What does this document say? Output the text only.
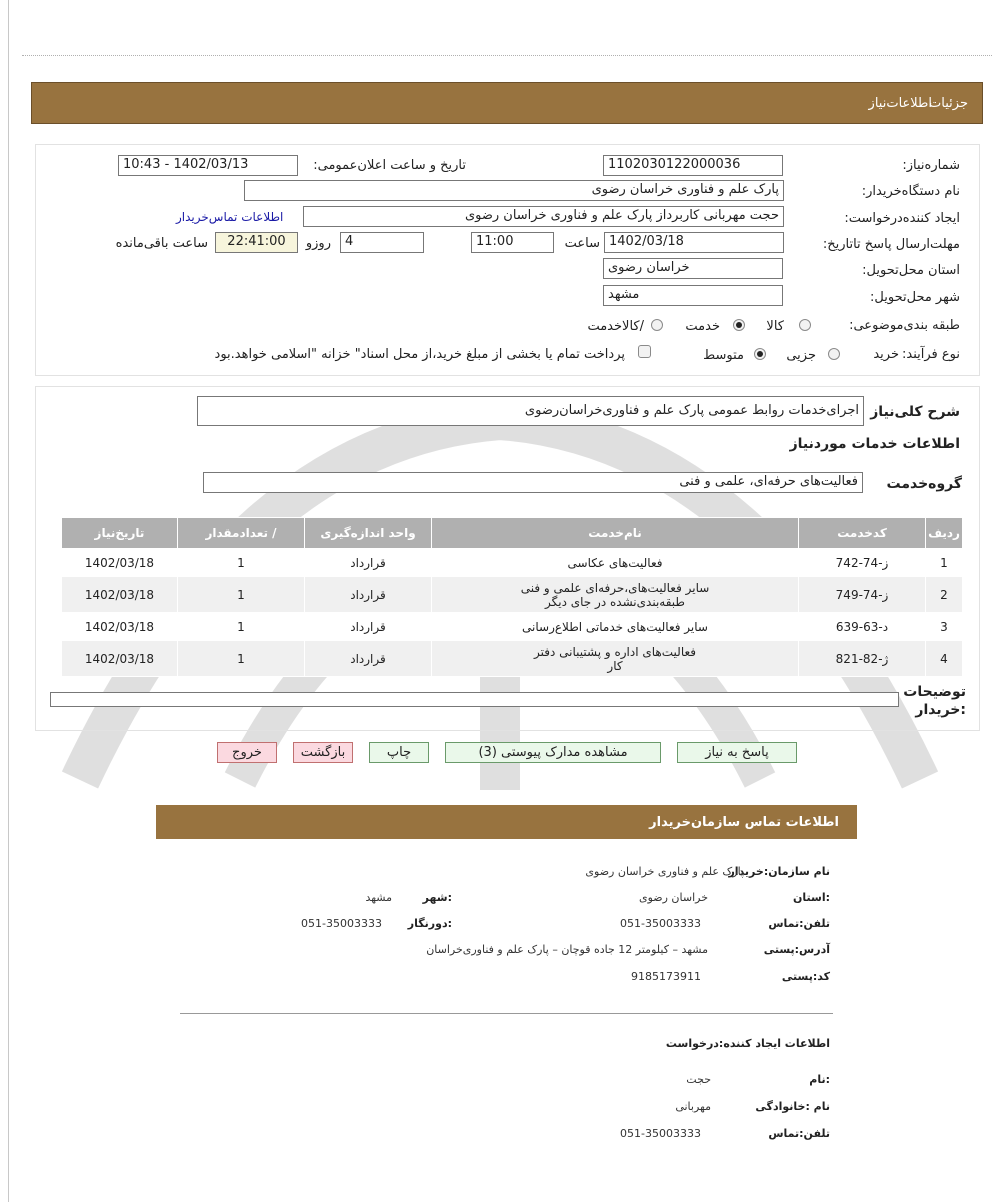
اطلاعات‌نیاز
جزئیات
شماره‌نیاز:
1102030122000036
تاریخ و ساعت اعلان‌عمومی:
1402/03/13 - 10:43
نام دستگاه‌خریدار:
پارک علم و فناوری خراسان رضوی
ایجاد کننده‌درخواست:
حجت مهربانی کاربرداز پارک علم و فناوری خراسان رضوی
اطلاعات تماس‌خریدار
مهلت‌ارسال پاسخ تا‌تاریخ:
1402/03/18
ساعت
11:00
4
روزو
22:41:00
ساعت باقی‌مانده
استان محل‌تحویل:
خراسان رضوی
شهر محل‌تحویل:
مشهد
طبقه بندی‌موضوعی:
کالا
خدمت
/کالاخدمت
نوع فرآیند:
خرید
جزیی
متوسط
پرداخت تمام یا بخشی از مبلغ خرید،از محل اسناد" خزانه "اسلامی خواهد.بود
شرح کلی‌نیاز
اجرای‌خدمات روابط عمومی پارک علم و فناوری‌خراسان‌رضوی
اطلاعات خدمات موردنیاز
گروه‌خدمت
فعالیت‌های حرفه‌ای، علمی و فنی
ردیف	کدخدمت	نام‌خدمت	واحد اندازه‌گیری	/ تعدادمقدار	تاریخ‌نیاز
1	ز-74-742	فعالیت‌های عکاسی	قرارداد	1	1402/03/18
2	ز-74-749	سایر فعالیت‌های،حرفه‌ای علمی و فنی
طبقه‌بندی‌نشده در جای دیگر	قرارداد	1	1402/03/18
3	د-63-639	سایر فعالیت‌های خدماتی اطلاع‌رسانی	قرارداد	1	1402/03/18
4	ژ-82-821	فعالیت‌های اداره و پشتیبانی دفتر
کار	قرارداد	1	1402/03/18
توضیحات
:خریدار
پاسخ به نیاز
مشاهده مدارک پیوستی (3)
چاپ
بازگشت
خروج
اطلاعات تماس سازمان‌خریدار
نام سازمان‌:خریدار
پارک علم و فناوری خراسان رضوی
:استان
خراسان رضوی
:شهر
مشهد
تلفن‌:تماس
051-35003333
:دورنگار
051-35003333
آدرس‌:پستی
مشهد – کیلومتر 12 جاده قوچان – پارک علم و فناوری‌خراسان
کد‌:پستی
9185173911
اطلاعات ایجاد کننده‌:درخواست
:نام
حجت
نام :خانوادگی
مهربانی
تلفن‌:تماس
051-35003333
